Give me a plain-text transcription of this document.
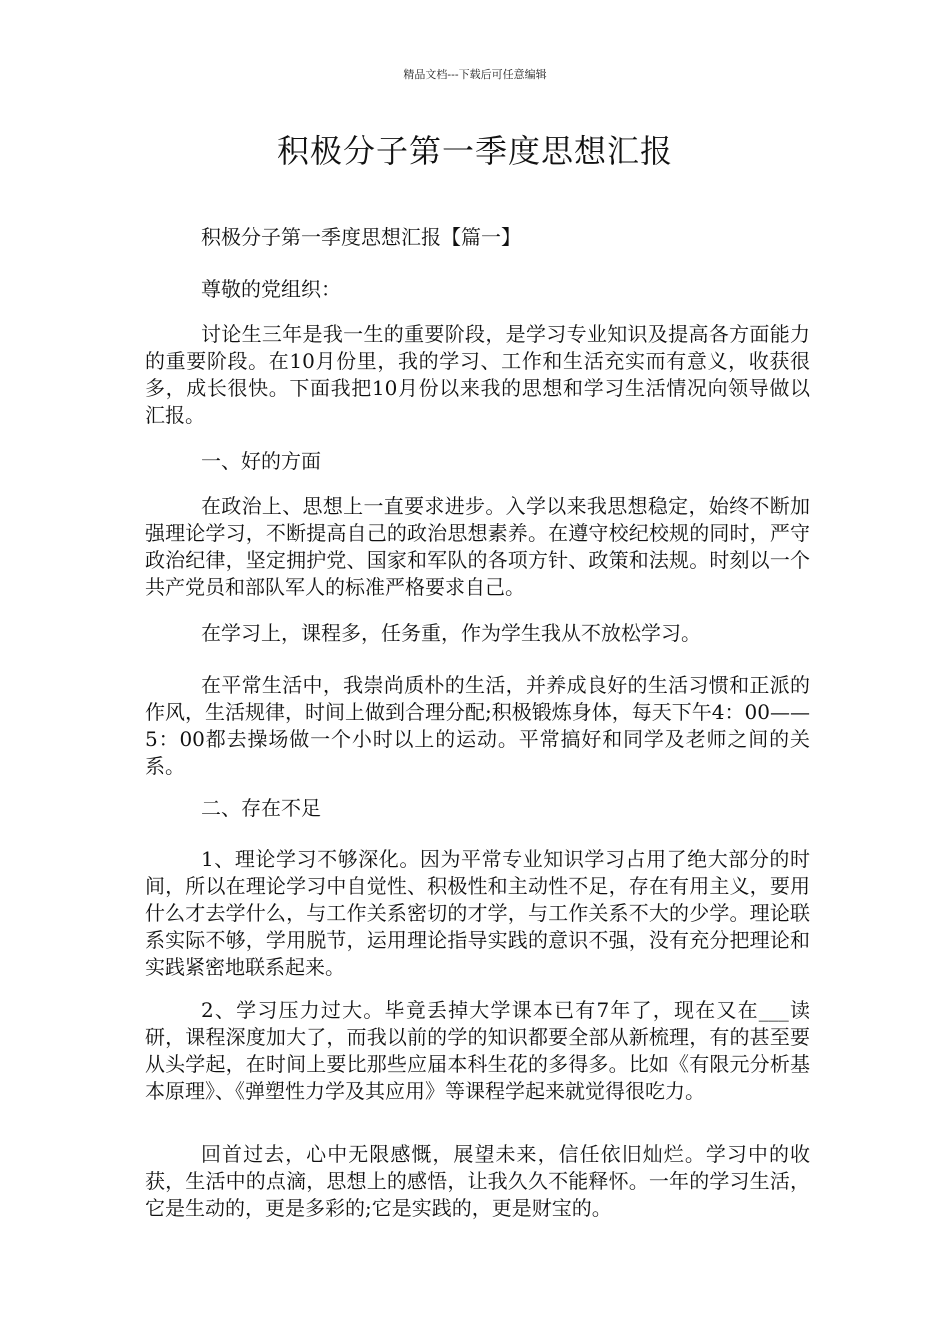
精品文档---下载后可任意编辑
积极分子第一季度思想汇报

积极分子第一季度思想汇报【篇一】

尊敬的党组织：

讨论生三年是我一生的重要阶段，是学习专业知识及提高各方面能力的重要阶段。在10月份里，我的学习、工作和生活充实而有意义，收获很多，成长很快。下面我把10月份以来我的思想和学习生活情况向领导做以汇报。

一、好的方面

在政治上、思想上一直要求进步。入学以来我思想稳定，始终不断加强理论学习，不断提高自己的政治思想素养。在遵守校纪校规的同时，严守政治纪律，坚定拥护党、国家和军队的各项方针、政策和法规。时刻以一个共产党员和部队军人的标准严格要求自己。

在学习上，课程多，任务重，作为学生我从不放松学习。

在平常生活中，我崇尚质朴的生活，并养成良好的生活习惯和正派的作风，生活规律，时间上做到合理分配;积极锻炼身体，每天下午4：00——5：00都去操场做一个小时以上的运动。平常搞好和同学及老师之间的关系。

二、存在不足

1、理论学习不够深化。因为平常专业知识学习占用了绝大部分的时间，所以在理论学习中自觉性、积极性和主动性不足，存在有用主义，要用什么才去学什么，与工作关系密切的才学，与工作关系不大的少学。理论联系实际不够，学用脱节，运用理论指导实践的意识不强，没有充分把理论和实践紧密地联系起来。

2、学习压力过大。毕竟丢掉大学课本已有7年了，现在又在___读研，课程深度加大了，而我以前的学的知识都要全部从新梳理，有的甚至要从头学起，在时间上要比那些应届本科生花的多得多。比如《有限元分析基本原理》、《弹塑性力学及其应用》等课程学起来就觉得很吃力。

回首过去，心中无限感慨，展望未来，信任依旧灿烂。学习中的收获，生活中的点滴，思想上的感悟，让我久久不能释怀。一年的学习生活，它是生动的，更是多彩的;它是实践的，更是财宝的。
